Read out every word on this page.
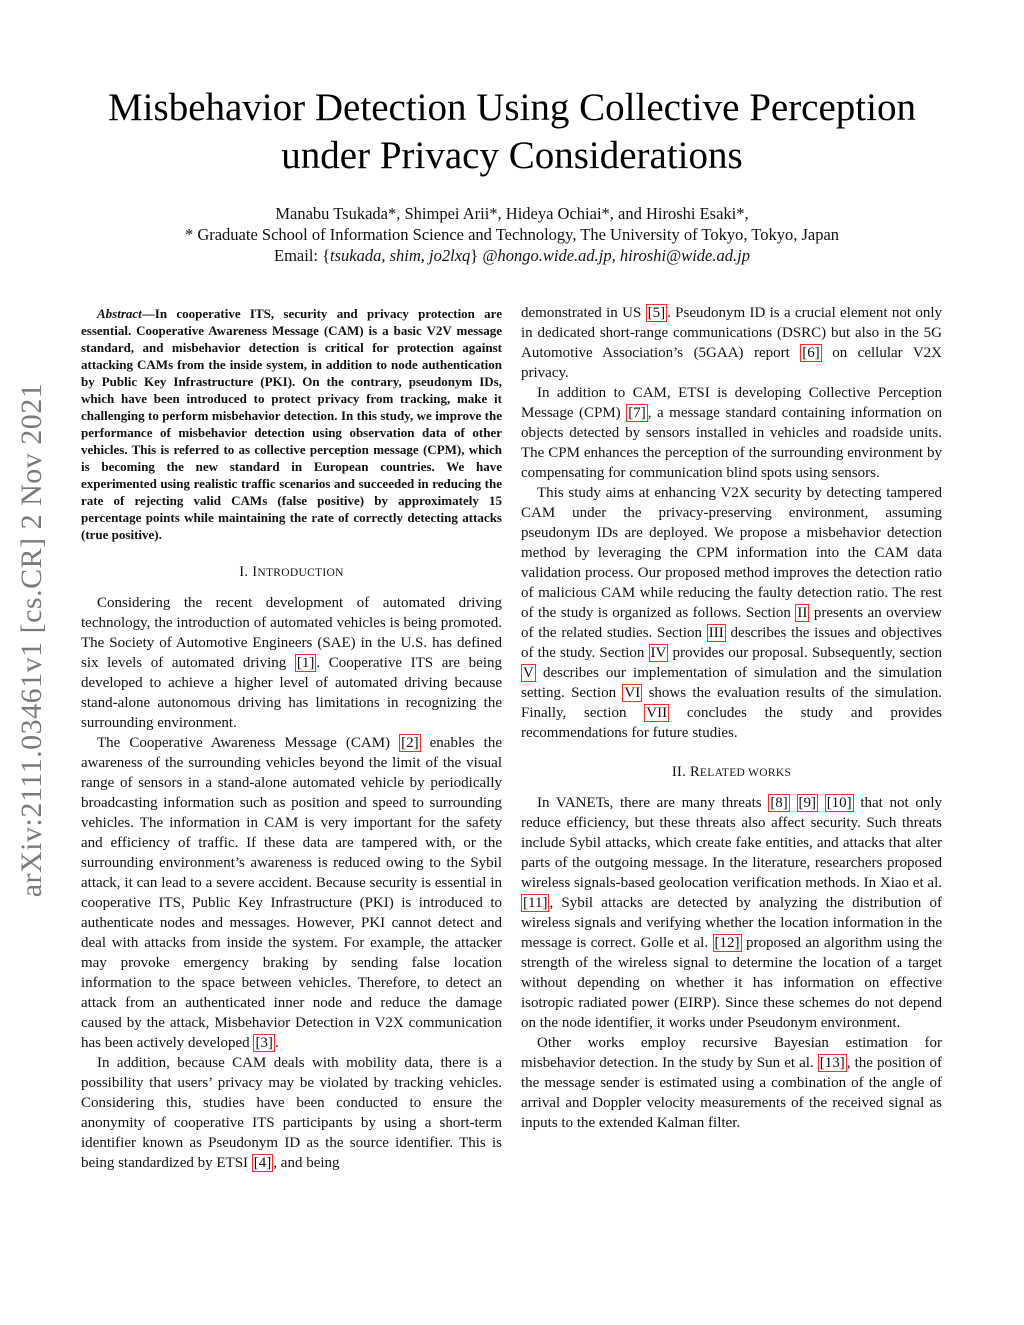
arXiv:2111.03461v1 [cs.CR] 2 Nov 2021
Misbehavior Detection Using Collective Perception
under Privacy Considerations
Manabu Tsukada*, Shimpei Arii*, Hideya Ochiai*, and Hiroshi Esaki*,
* Graduate School of Information Science and Technology, The University of Tokyo, Tokyo, Japan
Email: {tsukada, shim, jo2lxq} @hongo.wide.ad.jp, hiroshi@wide.ad.jp

Abstract—In cooperative ITS, security and privacy protection are essential. Cooperative Awareness Message (CAM) is a basic V2V message standard, and misbehavior detection is critical for protection against attacking CAMs from the inside system, in addition to node authentication by Public Key Infrastructure (PKI). On the contrary, pseudonym IDs, which have been introduced to protect privacy from tracking, make it challenging to perform misbehavior detection. In this study, we improve the performance of misbehavior detection using observation data of other vehicles. This is referred to as collective perception message (CPM), which is becoming the new standard in European countries. We have experimented using realistic traffic scenarios and succeeded in reducing the rate of rejecting valid CAMs (false positive) by approximately 15 percentage points while maintaining the rate of correctly detecting attacks (true positive).

I. INTRODUCTION

Considering the recent development of automated driving technology, the introduction of automated vehicles is being promoted. The Society of Automotive Engineers (SAE) in the U.S. has defined six levels of automated driving [1] . Cooperative ITS are being developed to achieve a higher level of automated driving because stand-alone autonomous driving has limitations in recognizing the surrounding environment.

The Cooperative Awareness Message (CAM) [2] enables the awareness of the surrounding vehicles beyond the limit of the visual range of sensors in a stand-alone automated vehicle by periodically broadcasting information such as position and speed to surrounding vehicles. The information in CAM is very important for the safety and efficiency of traffic. If these data are tampered with, or the surrounding environment’s awareness is reduced owing to the Sybil attack, it can lead to a severe accident. Because security is essential in cooperative ITS, Public Key Infrastructure (PKI) is introduced to authenticate nodes and messages. However, PKI cannot detect and deal with attacks from inside the system. For example, the attacker may provoke emergency braking by sending false location information to the space between vehicles. Therefore, to detect an attack from an authenticated inner node and reduce the damage caused by the attack, Misbehavior Detection in V2X communication has been actively developed [3] .

In addition, because CAM deals with mobility data, there is a possibility that users’ privacy may be violated by tracking vehicles. Considering this, studies have been conducted to ensure the anonymity of cooperative ITS participants by using a short-term identifier known as Pseudonym ID as the source identifier. This is being standardized by ETSI [4] , and being

demonstrated in US [5] . Pseudonym ID is a crucial element not only in dedicated short-range communications (DSRC) but also in the 5G Automotive Association’s (5GAA) report [6] on cellular V2X privacy.

In addition to CAM, ETSI is developing Collective Perception Message (CPM) [7] , a message standard containing information on objects detected by sensors installed in vehicles and roadside units. The CPM enhances the perception of the surrounding environment by compensating for communication blind spots using sensors.

This study aims at enhancing V2X security by detecting tampered CAM under the privacy-preserving environment, assuming pseudonym IDs are deployed. We propose a misbehavior detection method by leveraging the CPM information into the CAM data validation process. Our proposed method improves the detection ratio of malicious CAM while reducing the faulty detection ratio. The rest of the study is organized as follows. Section II presents an overview of the related studies. Section III describes the issues and objectives of the study. Section IV provides our proposal. Subsequently, section V describes our implementation of simulation and the simulation setting. Section VI shows the evaluation results of the simulation. Finally, section VII concludes the study and provides recommendations for future studies.

II. RELATED WORKS

In VANETs, there are many threats [8] [9] [10] that not only reduce efficiency, but these threats also affect security. Such threats include Sybil attacks, which create fake entities, and attacks that alter parts of the outgoing message. In the literature, researchers proposed wireless signals-based geolocation verification methods. In Xiao et al. [11] , Sybil attacks are detected by analyzing the distribution of wireless signals and verifying whether the location information in the message is correct. Golle et al. [12] proposed an algorithm using the strength of the wireless signal to determine the location of a target without depending on whether it has information on effective isotropic radiated power (EIRP). Since these schemes do not depend on the node identifier, it works under Pseudonym environment.

Other works employ recursive Bayesian estimation for misbehavior detection. In the study by Sun et al. [13] , the position of the message sender is estimated using a combination of the angle of arrival and Doppler velocity measurements of the received signal as inputs to the extended Kalman filter.
